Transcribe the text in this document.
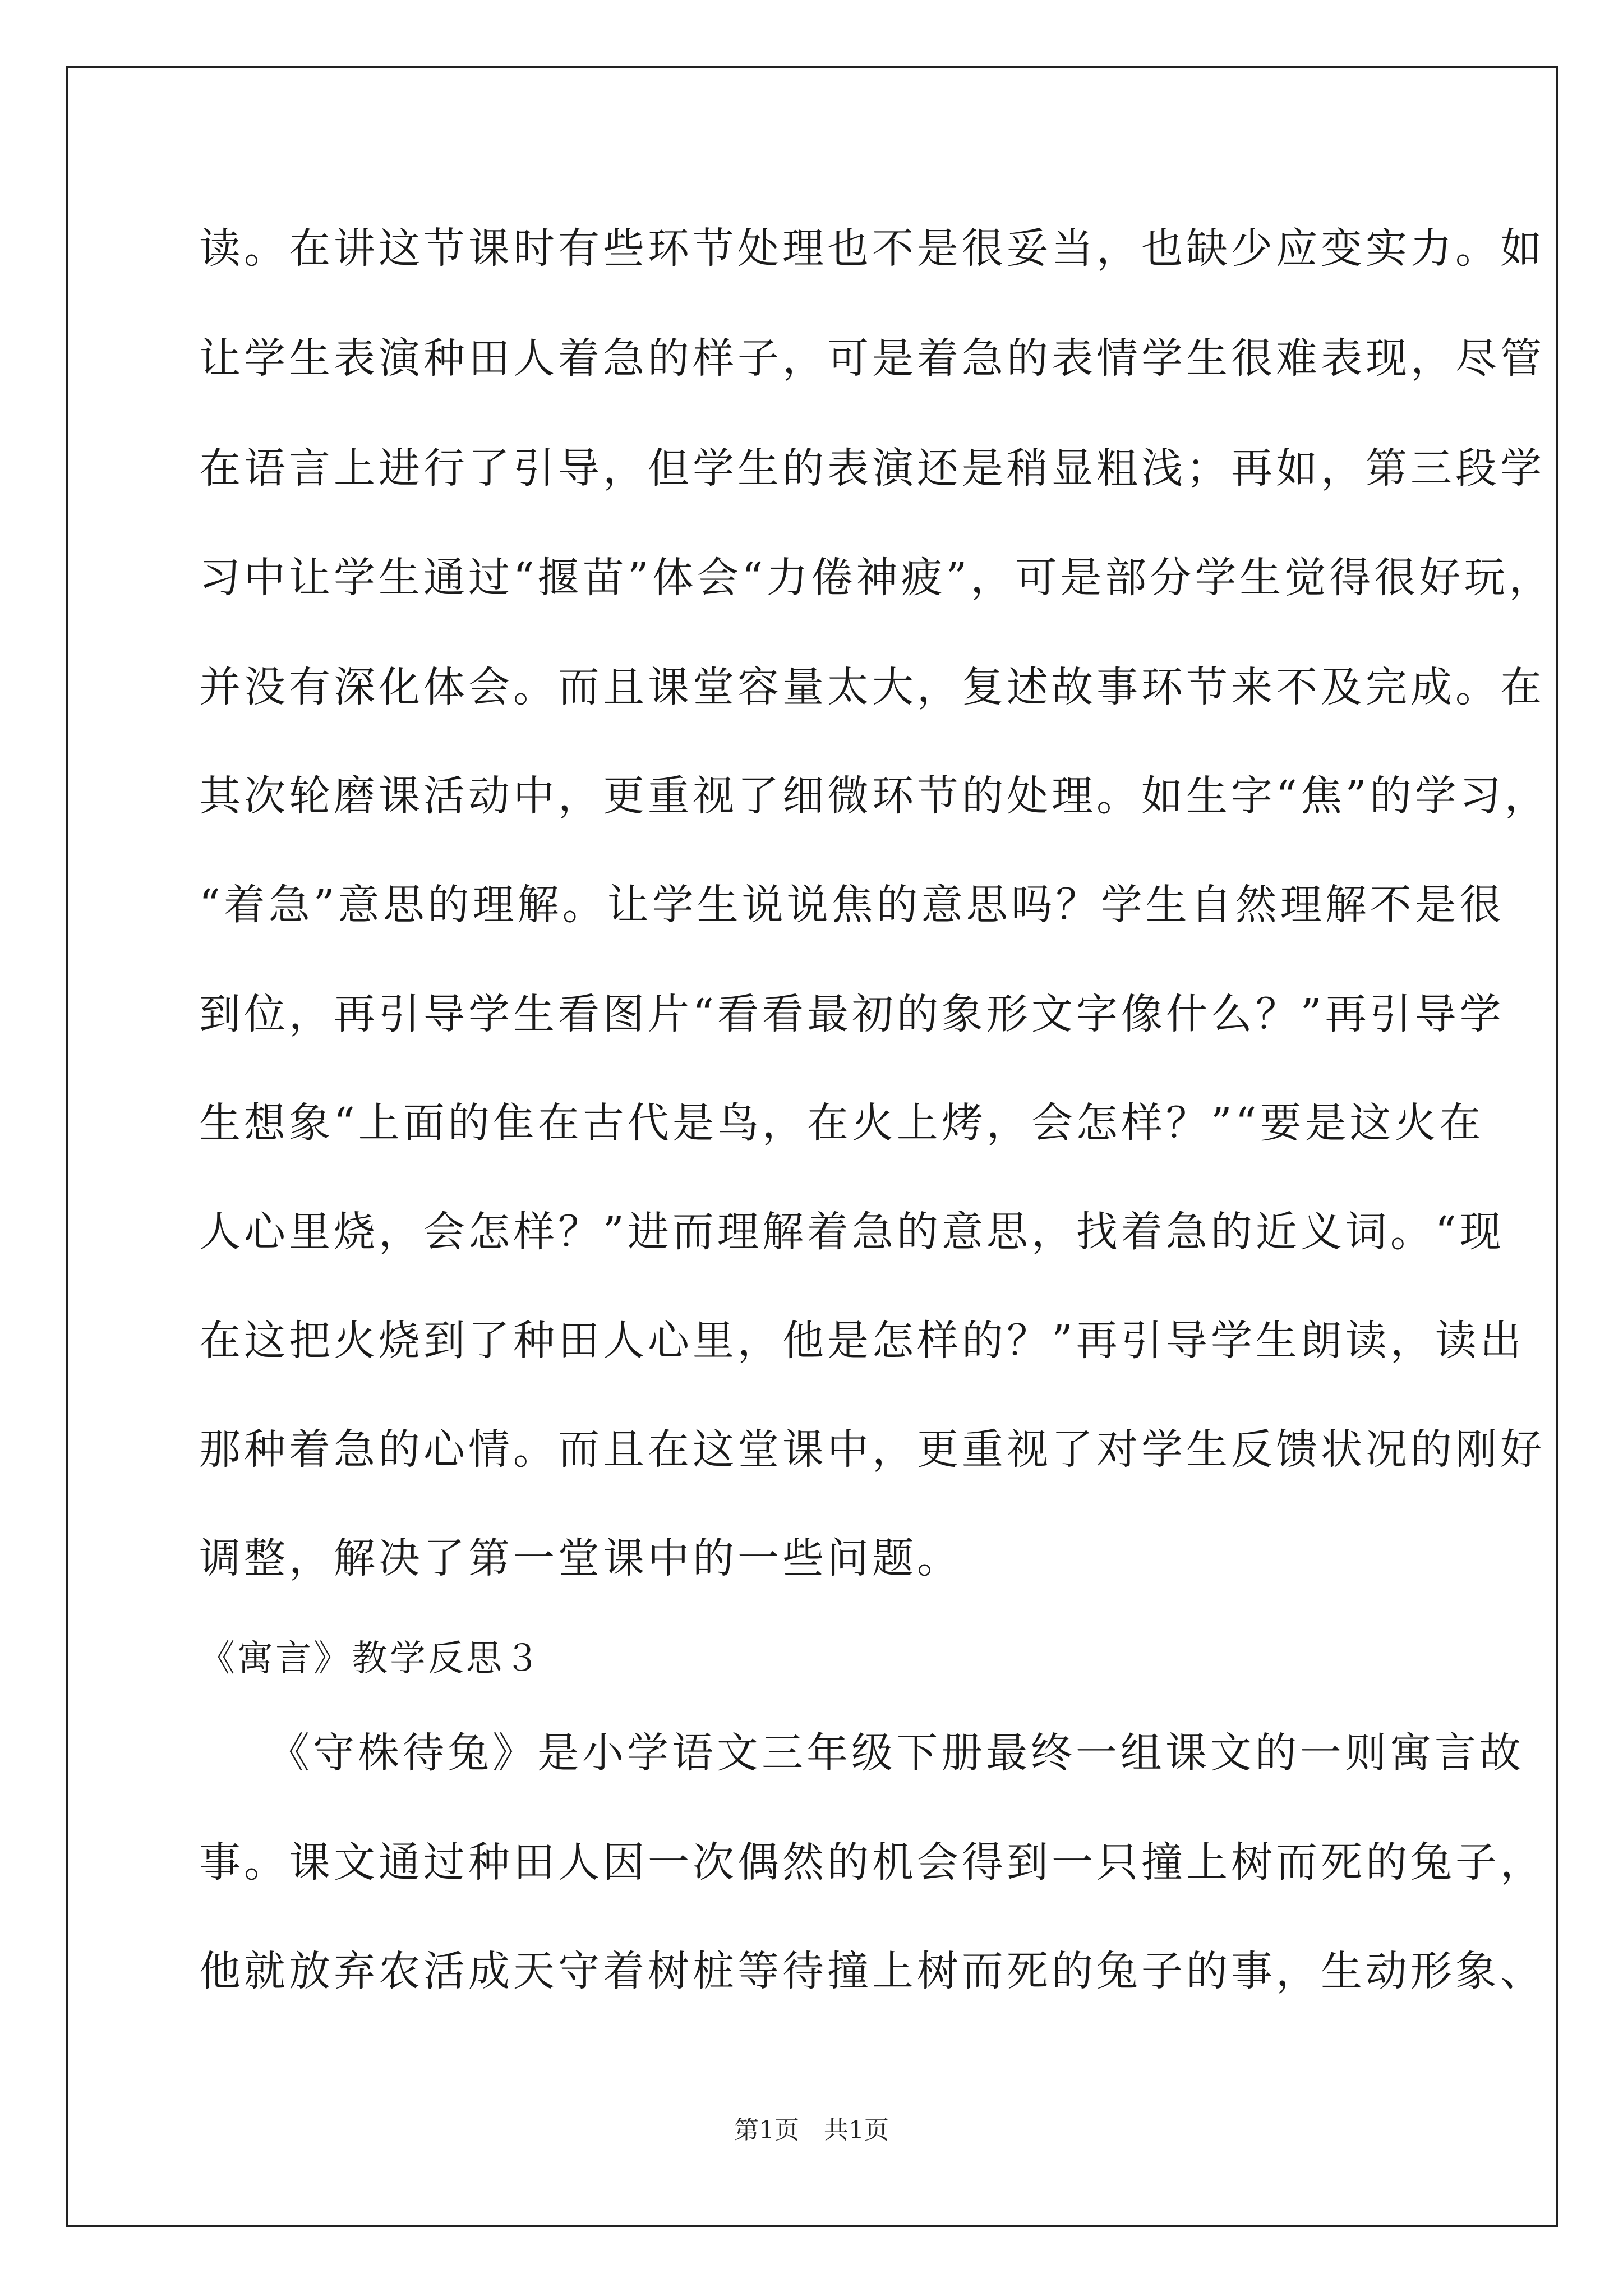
读。在讲这节课时有些环节处理也不是很妥当，也缺少应变实力。如
让学生表演种田人着急的样子，可是着急的表情学生很难表现，尽管
在语言上进行了引导，但学生的表演还是稍显粗浅；再如，第三段学
习中让学生通过“揠苗”体会“力倦神疲”，可是部分学生觉得很好玩，
并没有深化体会。而且课堂容量太大，复述故事环节来不及完成。在
其次轮磨课活动中，更重视了细微环节的处理。如生字“焦”的学习，
“着急”意思的理解。让学生说说焦的意思吗？学生自然理解不是很
到位，再引导学生看图片“看看最初的象形文字像什么？”再引导学
生想象“上面的隹在古代是鸟，在火上烤，会怎样？”“要是这火在
人心里烧，会怎样？”进而理解着急的意思，找着急的近义词。“现
在这把火烧到了种田人心里，他是怎样的？”再引导学生朗读，读出
那种着急的心情。而且在这堂课中，更重视了对学生反馈状况的刚好
调整，解决了第一堂课中的一些问题。
《寓言》教学反思３
　　《守株待兔》是小学语文三年级下册最终一组课文的一则寓言故
事。课文通过种田人因一次偶然的机会得到一只撞上树而死的兔子，
他就放弃农活成天守着树桩等待撞上树而死的兔子的事，生动形象、
第1页 共1页
